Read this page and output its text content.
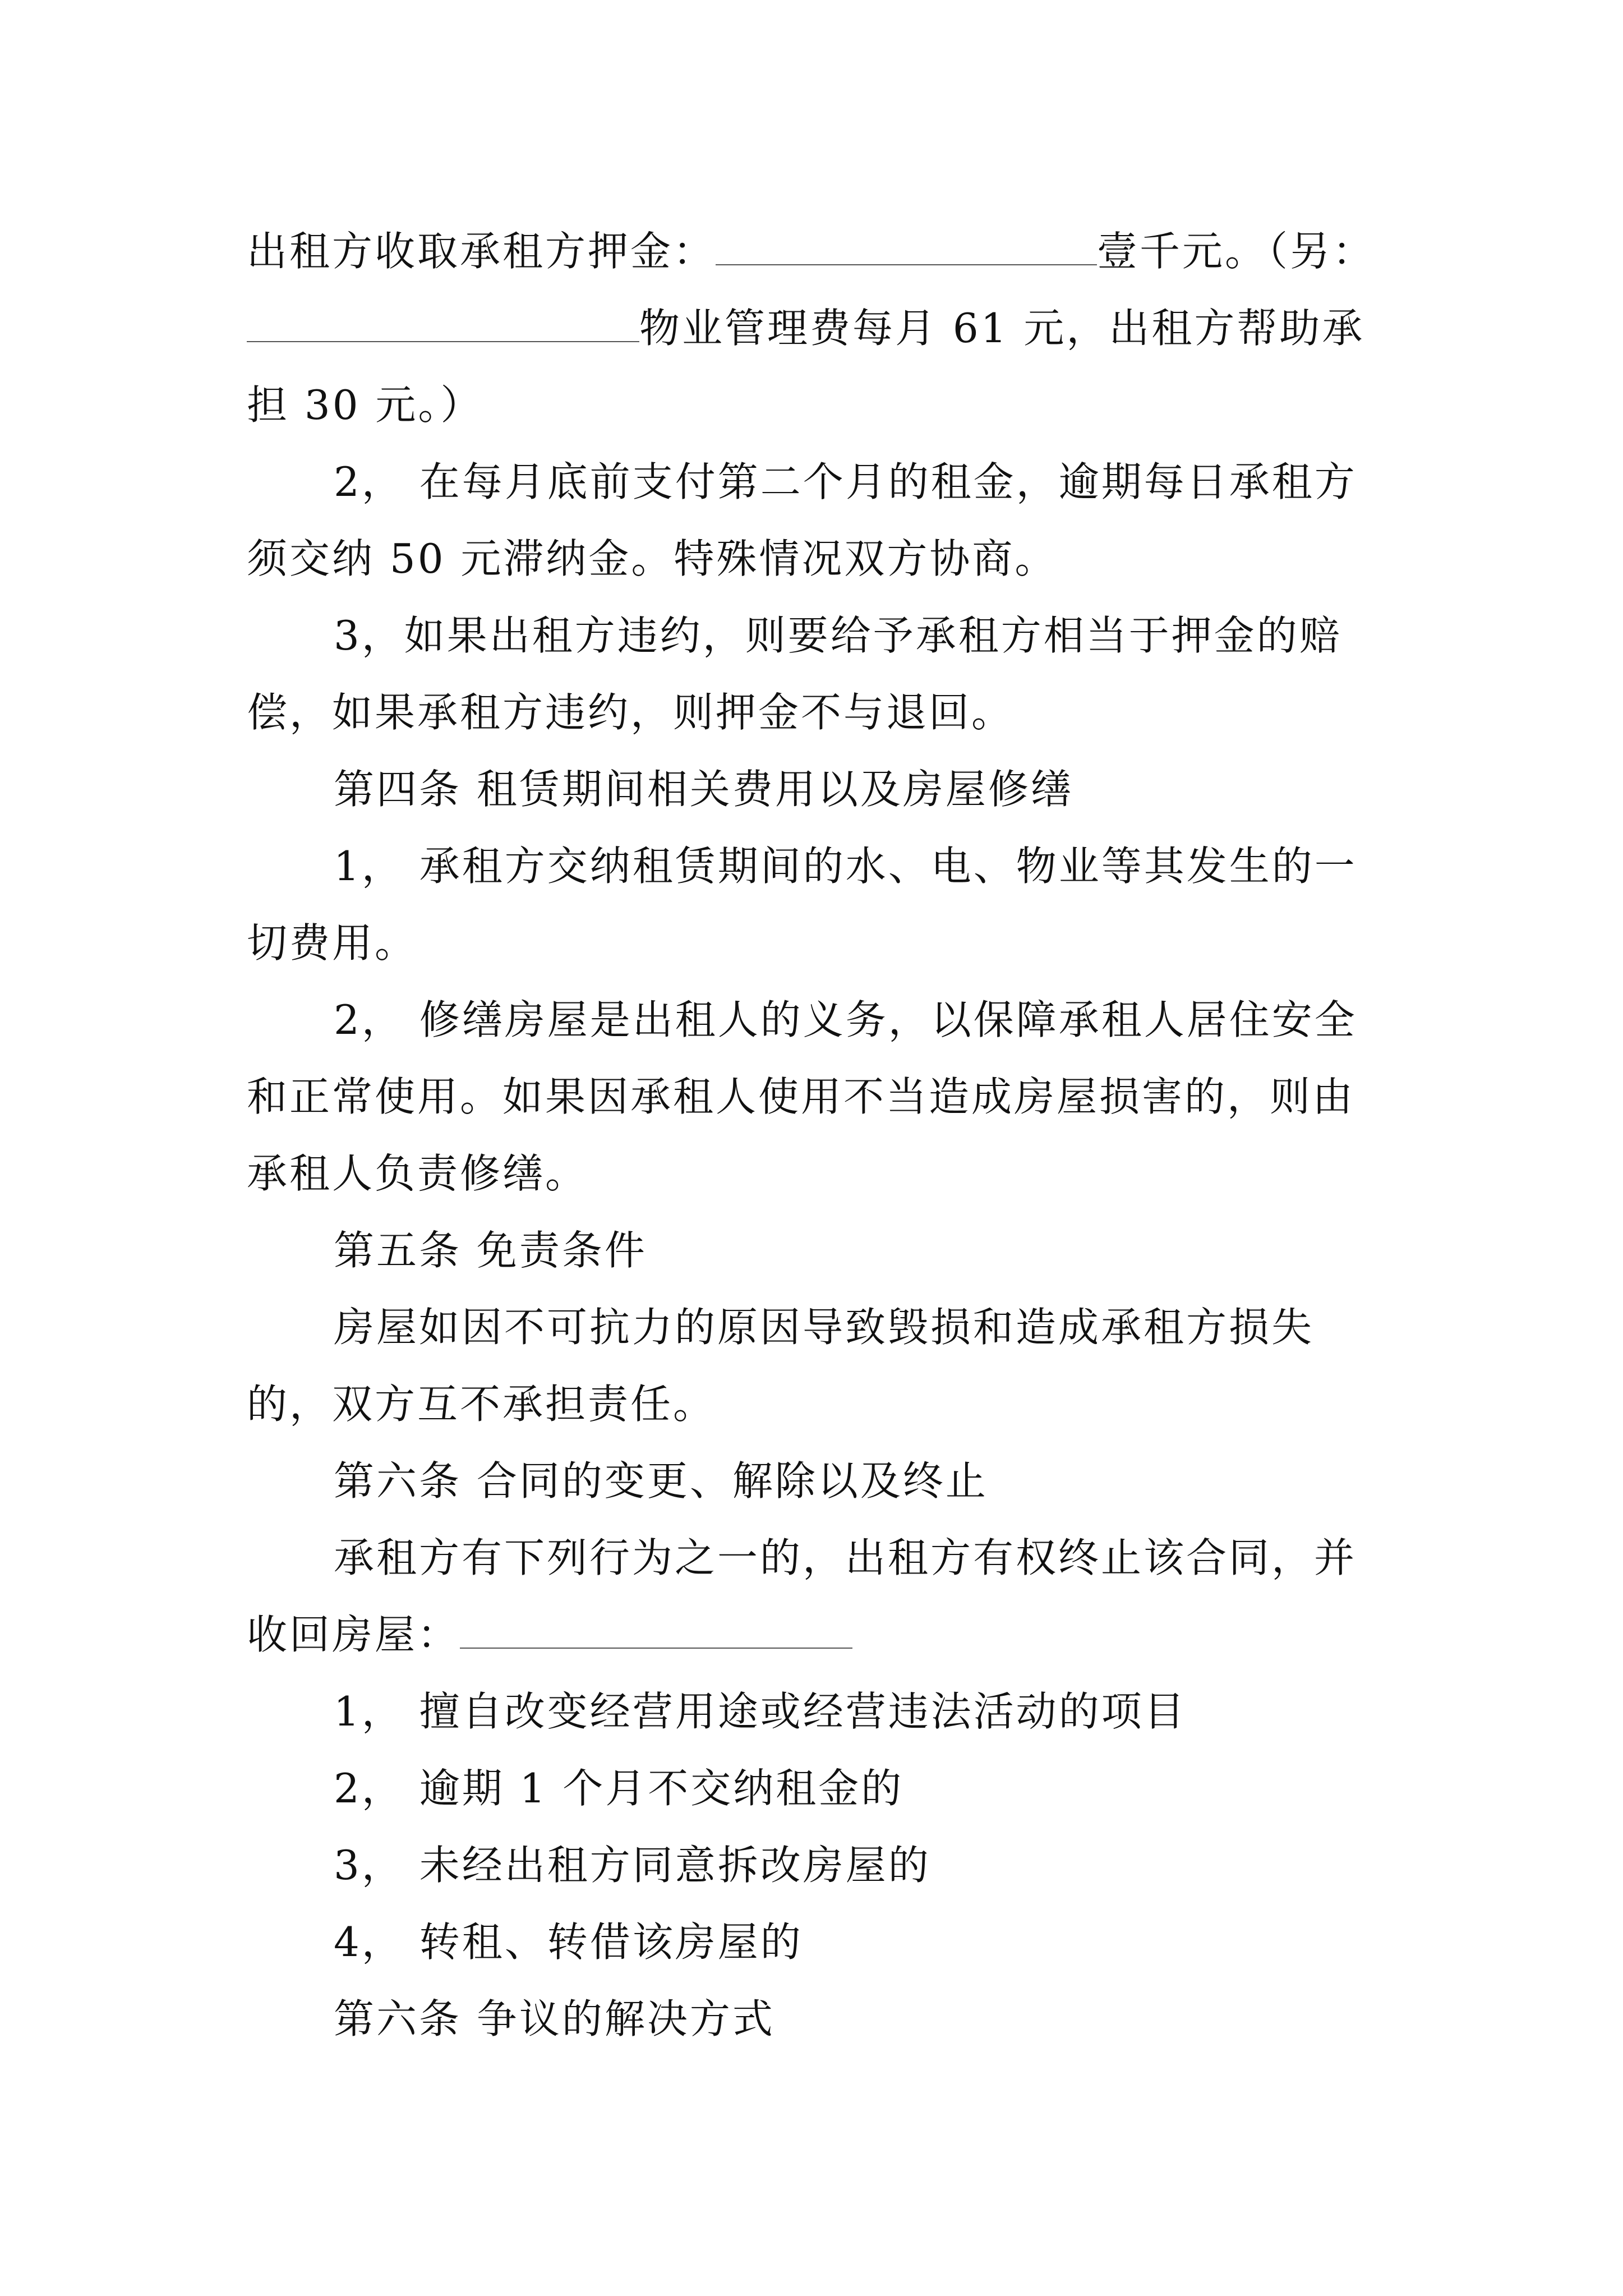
出租方收取承租方押金：	壹千元。（另：
物业管理费每月 61 元，出租方帮助承
担 30 元。）
2， 在每月底前支付第二个月的租金，逾期每日承租方
须交纳 50 元滞纳金。特殊情况双方协商。
3，如果出租方违约，则要给予承租方相当于押金的赔
偿，如果承租方违约，则押金不与退回。
第四条 租赁期间相关费用以及房屋修缮
1， 承租方交纳租赁期间的水、电、物业等其发生的一
切费用。
2， 修缮房屋是出租人的义务，以保障承租人居住安全
和正常使用。如果因承租人使用不当造成房屋损害的，则由
承租人负责修缮。
第五条 免责条件
房屋如因不可抗力的原因导致毁损和造成承租方损失
的，双方互不承担责任。
第六条 合同的变更、解除以及终止
承租方有下列行为之一的，出租方有权终止该合同，并
收回房屋：
1， 擅自改变经营用途或经营违法活动的项目
2， 逾期 1 个月不交纳租金的
3， 未经出租方同意拆改房屋的
4， 转租、转借该房屋的
第六条 争议的解决方式
